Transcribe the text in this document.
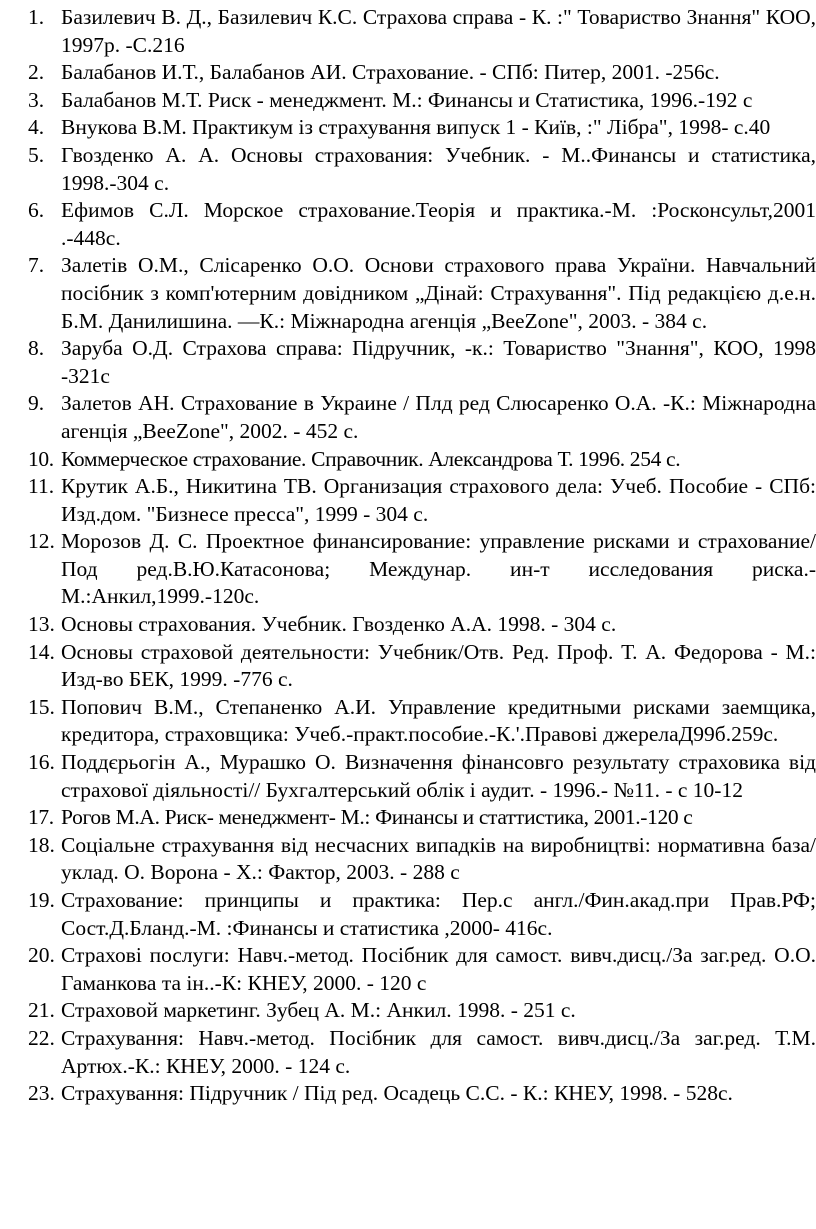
1. Базилевич В. Д., Базилевич К.С. Страхова справа - К. :" Товариство Знання" КОО, 1997р. -С.216
2. Балабанов И.Т., Балабанов АИ. Страхование. - СПб: Питер, 2001. -256с.
3. Балабанов М.Т. Риск - менеджмент. М.: Финансы и Статистика, 1996.-192 с
4. Внукова В.М. Практикум із страхування випуск 1 - Київ, :" Лібра", 1998- с.40
5. Гвозденко А. А. Основы страхования: Учебник. - М..Финансы и статистика, 1998.-304 с.
6. Ефимов С.Л. Морское страхование.Теорія и практика.-М. :Росконсульт,2001 .-448с.
7. Залетів О.М., Слісаренко О.О. Основи страхового права України. Навчальний посібник з комп'ютерним довідником „Дінай: Страхування". Під редакцією д.е.н. Б.М. Данилишина. —К.: Міжнародна агенція „BeeZone", 2003. - 384 с.
8. Заруба О.Д. Страхова справа: Підручник, -к.: Товариство "Знання", КОО, 1998 -321с
9. Залетов АН. Страхование в Украине / Плд ред Слюсаренко О.А. -К.: Міжнародна агенція „BeeZone", 2002. - 452 с.
10. Коммерческое страхование. Справочник. Александрова Т. 1996. 254 с.
11. Крутик А.Б., Никитина ТВ. Организация страхового дела: Учеб. Пособие - СПб: Изд.дом. "Бизнесе пресса", 1999 - 304 с.
12. Морозов Д. С. Проектное финансирование: управление рисками и страхование/Под ред.В.Ю.Катасонова; Междунар. ин-т исследования риска.-М.:Анкил,1999.-120с.
13. Основы страхования. Учебник. Гвозденко А.А. 1998. - 304 с.
14. Основы страховой деятельности: Учебник/Отв. Ред. Проф. Т. А. Федорова - М.: Изд-во БЕК, 1999. -776 с.
15. Попович В.М., Степаненко А.И. Управление кредитными рисками заемщика, кредитора, страховщика: Учеб.-практ.пособие.-К.'.Правові джерелаД99б.259с.
16. Поддєрьогін А., Мурашко О. Визначення фінансовго результату страховика від страхової діяльності// Бухгалтерський облік і аудит. - 1996.- №11. - с 10-12
17. Рогов М.А. Риск- менеджмент- М.: Финансы и статтистика, 2001.-120 с
18. Соціальне страхування від несчасних випадків на виробництві: нормативна база/ уклад. О. Ворона - Х.: Фактор, 2003. - 288 с
19. Страхование: принципы и практика: Пер.с англ./Фин.акад.при Прав.РФ; Сост.Д.Бланд.-М. :Финансы и статистика ,2000- 416с.
20. Страхові послуги: Навч.-метод. Посібник для самост. вивч.дисц./За заг.ред. О.О. Гаманкова та ін..-К: КНЕУ, 2000. - 120 с
21. Страховой маркетинг. Зубец А. М.: Анкил. 1998. - 251 с.
22. Страхування: Навч.-метод. Посібник для самост. вивч.дисц./За заг.ред. Т.М. Артюх.-К.: КНЕУ, 2000. - 124 с.
23. Страхування: Підручник / Під ред. Осадець С.С. - К.: КНЕУ, 1998. - 528с.
